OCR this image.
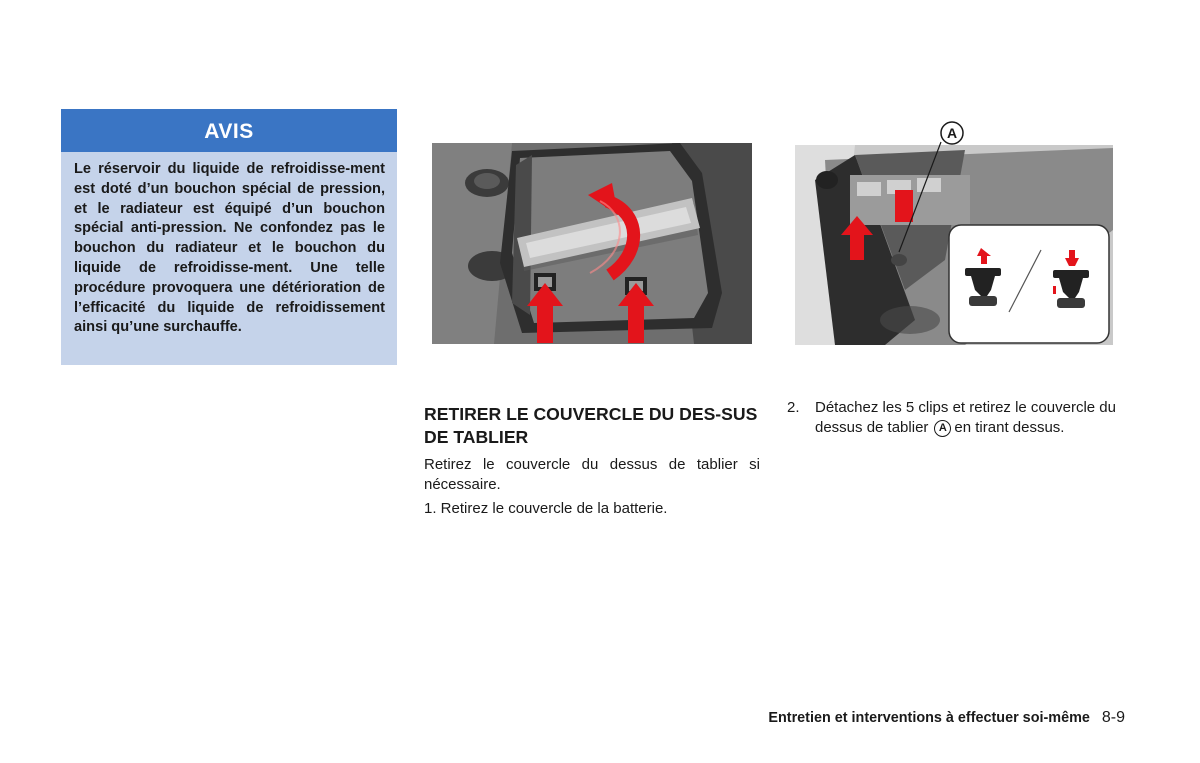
AVIS
Le réservoir du liquide de refroidisse-ment est doté d’un bouchon spécial de pression, et le radiateur est équipé d’un bouchon spécial anti-pression. Ne confondez pas le bouchon du radiateur et le bouchon du liquide de refroidisse-ment. Une telle procédure provoquera une détérioration de l’efficacité du liquide de refroidissement ainsi qu’une surchauffe.
A
RETIRER LE COUVERCLE DU DES-SUS DE TABLIER
Retirez le couvercle du dessus de tablier si nécessaire.
1. Retirez le couvercle de la batterie.
2. Détachez les 5 clips et retirez le couvercle du dessus de tablier A en tirant dessus.
Entretien et interventions à effectuer soi-même 8-9
